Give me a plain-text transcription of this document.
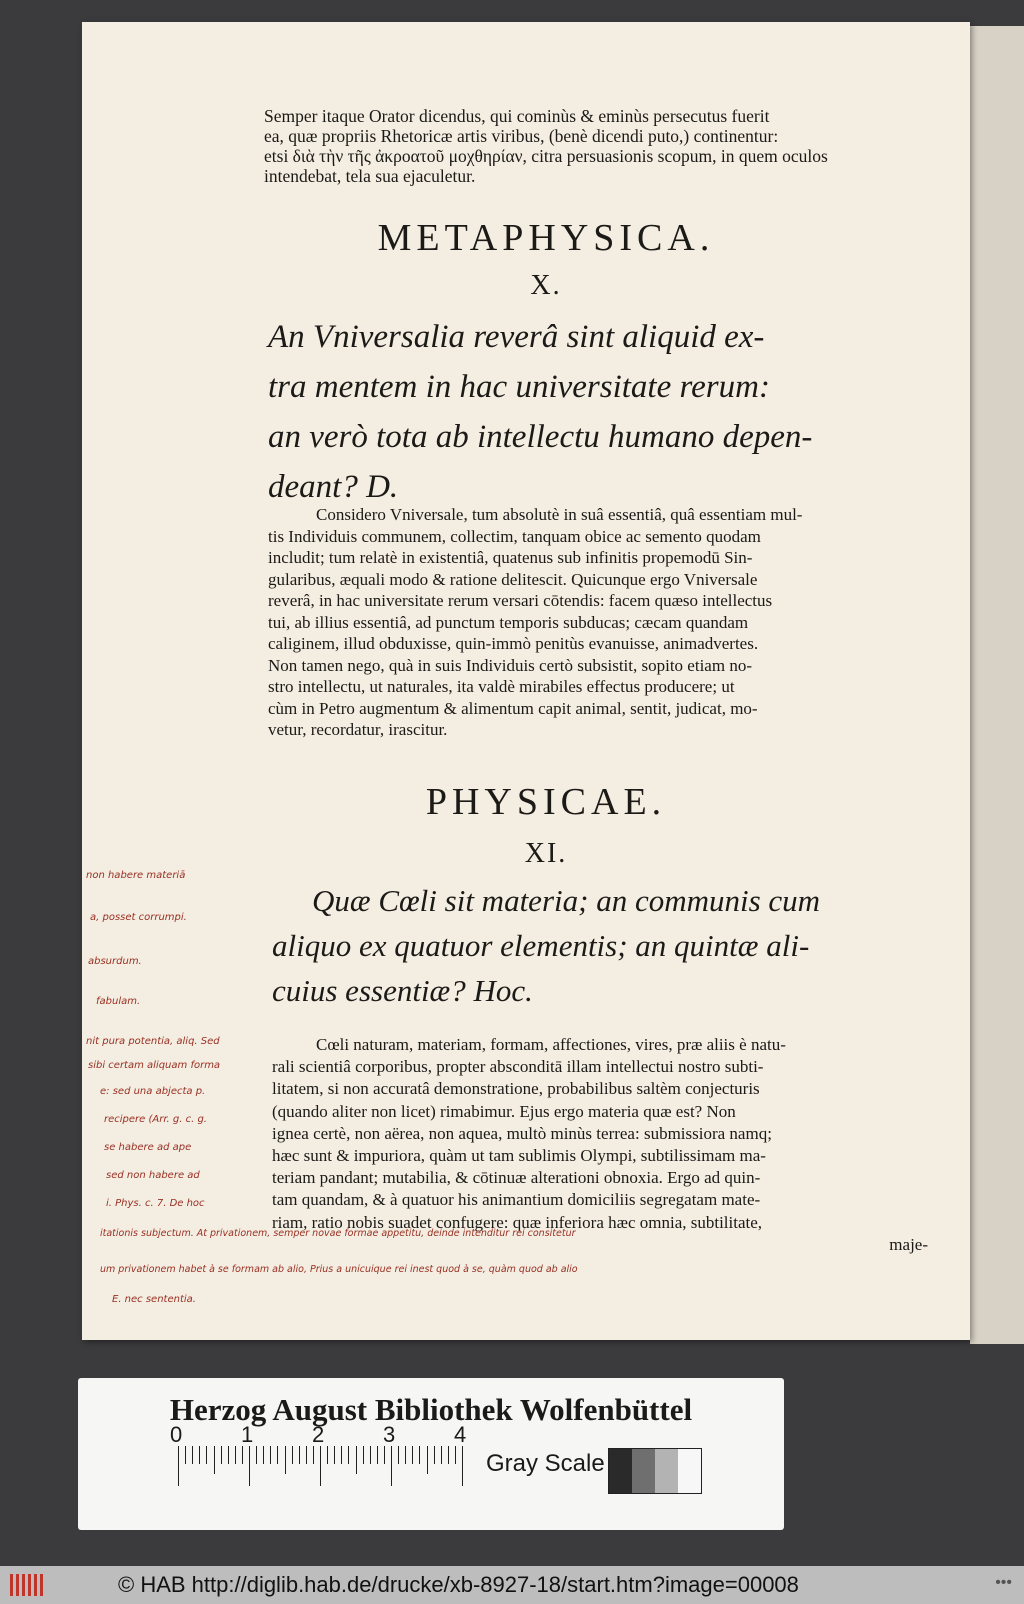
Semper itaque Orator dicendus, qui cominùs & eminùs persecutus fuerit

ea, quæ propriis Rhetoricæ artis viribus, (benè dicendi puto,) continentur:

etsi διὰ τὴν τῆς ἀκροατοῦ μοχθηρίαν, citra persuasionis scopum, in quem oculos

intendebat, tela sua ejaculetur.

METAPHYSICA.
X.

An Vniversalia reverâ sint aliquid ex-

tra mentem in hac universitate rerum:

an verò tota ab intellectu humano depen-

deant? D.

Considero Vniversale, tum absolutè in suâ essentiâ, quâ essentiam mul-

tis Individuis communem, collectim, tanquam obice ac semento quodam

includit; tum relatè in existentiâ, quatenus sub infinitis propemodū Sin-

gularibus, æquali modo & ratione delitescit. Quicunque ergo Vniversale

reverâ, in hac universitate rerum versari cōtendis: facem quæso intellectus

tui, ab illius essentiâ, ad punctum temporis subducas; cæcam quandam

caliginem, illud obduxisse, quin-immò penitùs evanuisse, animadvertes.

Non tamen nego, quà in suis Individuis certò subsistit, sopito etiam no-

stro intellectu, ut naturales, ita valdè mirabiles effectus producere; ut

cùm in Petro augmentum & alimentum capit animal, sentit, judicat, mo-

vetur, recordatur, irascitur.

PHYSICAE.
XI.

Quæ Cœli sit materia; an communis cum

aliquo ex quatuor elementis; an quintæ ali-

cuius essentiæ? Hoc.

Cœli naturam, materiam, formam, affectiones, vires, præ aliis è natu-

rali scientiâ corporibus, propter absconditā illam intellectui nostro subti-

litatem, si non accuratâ demonstratione, probabilibus saltèm conjecturis

(quando aliter non licet) rimabimur. Ejus ergo materia quæ est? Non

ignea certè, non aërea, non aquea, multò minùs terrea: submissiora namq;

hæc sunt & impuriora, quàm ut tam sublimis Olympi, subtilissimam ma-

teriam pandant; mutabilia, & cōtinuæ alterationi obnoxia. Ergo ad quin-

tam quandam, & à quatuor his animantium domiciliis segregatam mate-

riam, ratio nobis suadet confugere: quæ inferiora hæc omnia, subtilitate,

maje-

non habere materiā
a, posset corrumpi.
absurdum.
fabulam.
nit pura potentia, aliq. Sed
sibi certam aliquam forma
e: sed una abjecta p.
recipere (Arr. g. c. g.
se habere ad ape
sed non habere ad
i. Phys. c. 7. De hoc
itationis subjectum. At privationem, semper novae formae appetitu, deinde intenditur rei consitetur
um privationem habet à se formam ab alio, Prius a unicuique rei inest quod à se, quàm quod ab alio
E. nec sententia.
Herzog August Bibliothek Wolfenbüttel
0	1	2	3	4
Gray Scale
© HAB http://diglib.hab.de/drucke/xb-8927-18/start.htm?image=00008	•••
